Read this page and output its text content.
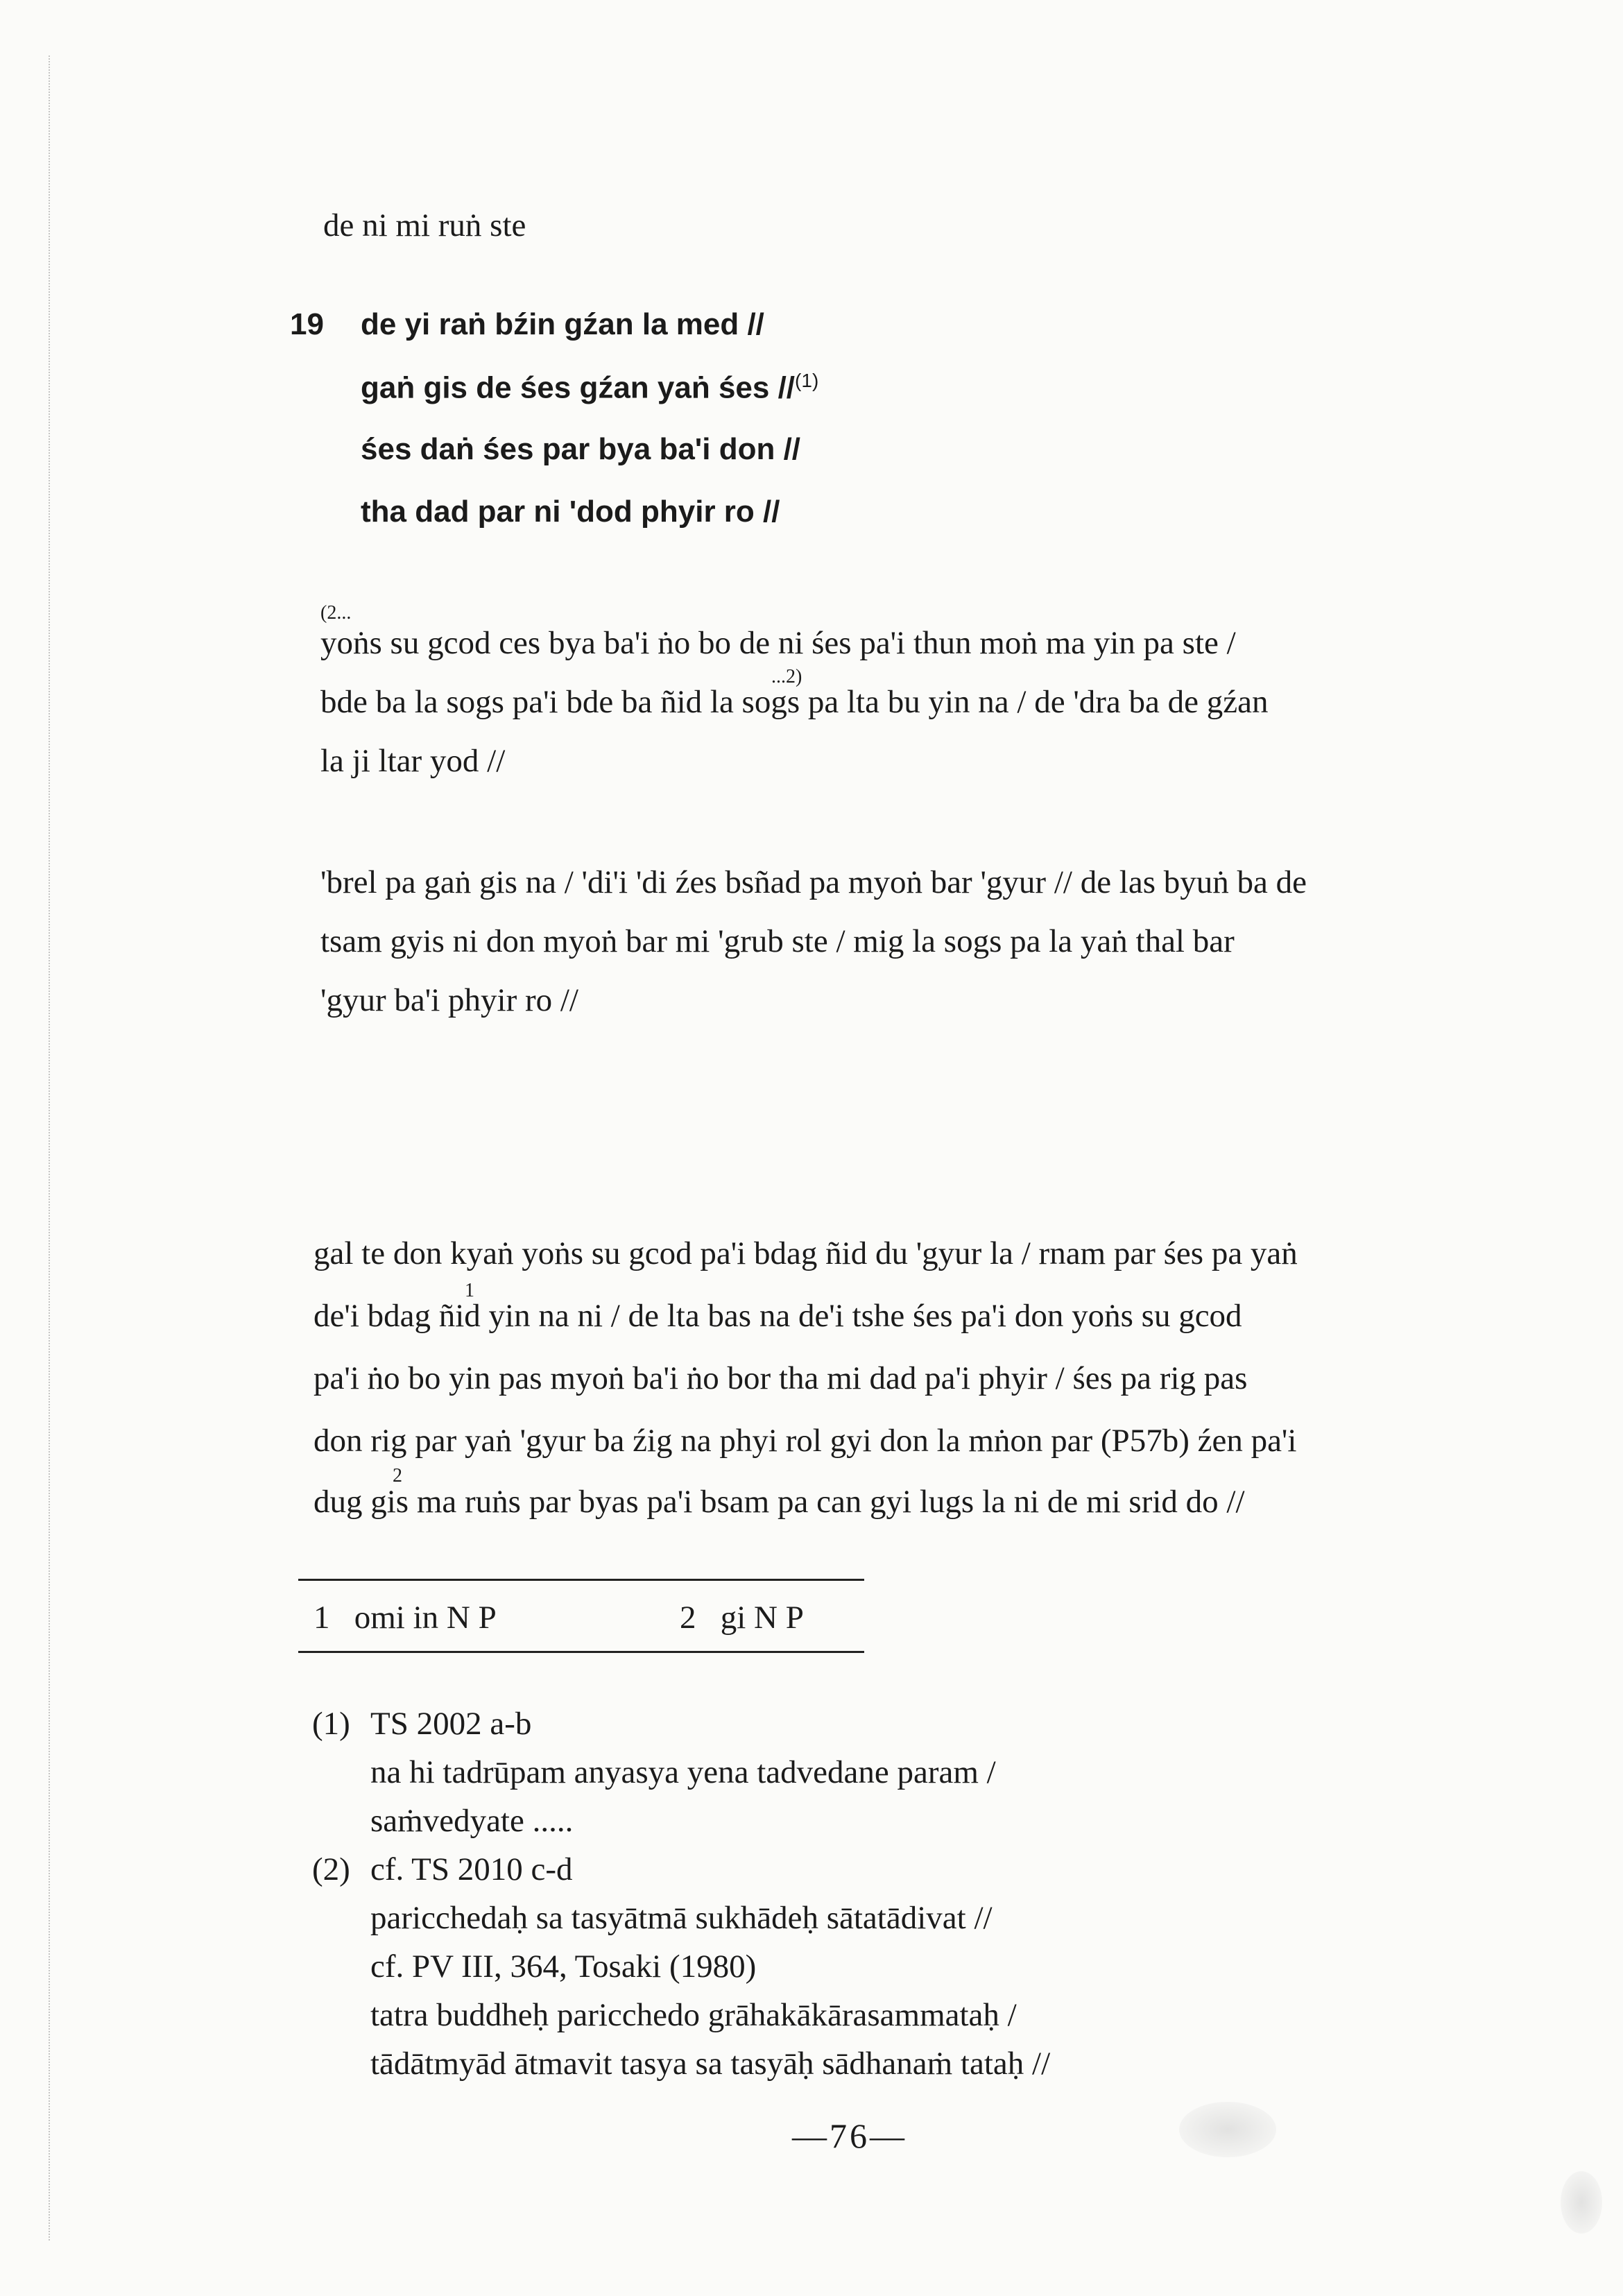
de ni mi ruṅ ste
19 de yi raṅ bźin gźan la med //
gaṅ gis de śes gźan yaṅ śes //$^{(1)}$
śes daṅ śes par bya ba'i don //
tha dad par ni 'dod phyir ro //
(2...
yoṅs su gcod ces bya ba'i ṅo bo de ni śes pa'i thun moṅ ma yin pa ste /
bde ba la sogs pa'i bde ba ñid la sogs pa lta bu yin na / de 'dra ba de gźan
...2)
la ji ltar yod //
'brel pa gaṅ gis na / 'di'i 'di źes bsñad pa myoṅ bar 'gyur // de las byuṅ ba de
tsam gyis ni don myoṅ bar mi 'grub ste / mig la sogs pa la yaṅ thal bar
'gyur ba'i phyir ro //
gal te don kyaṅ yoṅs su gcod pa'i bdag ñid du 'gyur la / rnam par śes pa yaṅ
1
de'i bdag ñid yin na ni / de lta bas na de'i tshe śes pa'i don yoṅs su gcod
pa'i ṅo bo yin pas myoṅ ba'i ṅo bor tha mi dad pa'i phyir / śes pa rig pas
don rig par yaṅ 'gyur ba źig na phyi rol gyi don la mṅon par (P57b) źen pa'i
2
dug gis ma ruṅs par byas pa'i bsam pa can gyi lugs la ni de mi srid do //
1 omi in N P	2 gi N P
(1) TS 2002 a-b
na hi tadrūpam anyasya yena tadvedane param /
saṁvedyate .....
(2) cf. TS 2010 c-d
paricchedaḥ sa tasyātmā sukhādeḥ sātatādivat //
cf. PV III, 364, Tosaki (1980)
tatra buddheḥ paricchedo grāhakākārasammataḥ /
tādātmyād ātmavit tasya sa tasyāḥ sādhanaṁ tataḥ //
—76—
